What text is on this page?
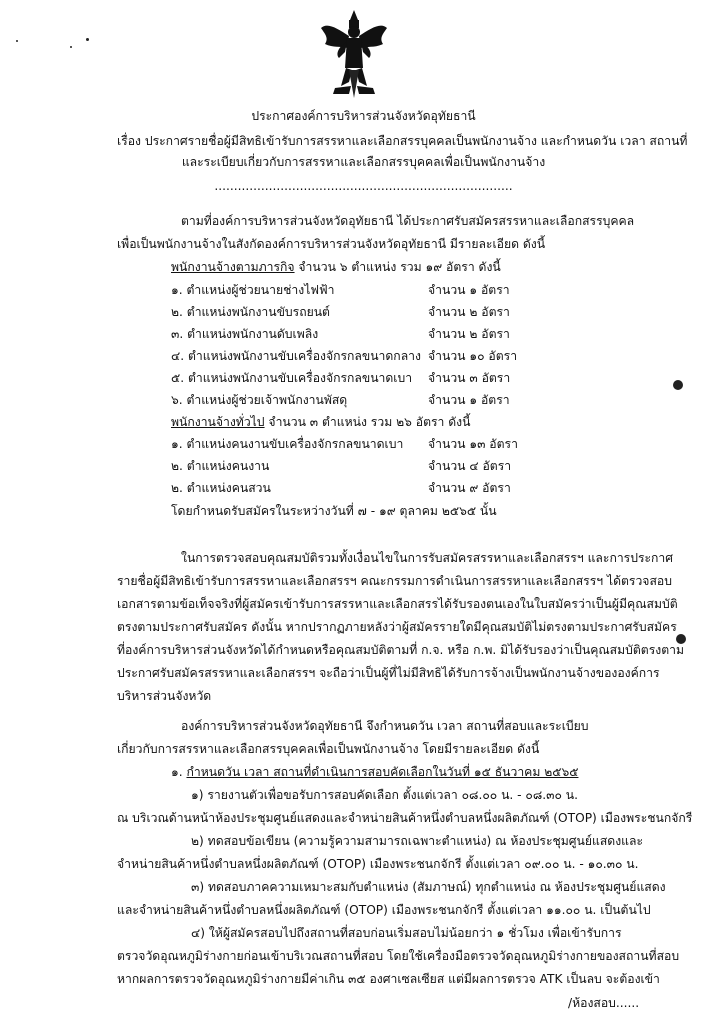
ประกาศองค์การบริหารส่วนจังหวัดอุทัยธานี
เรื่อง ประกาศรายชื่อผู้มีสิทธิเข้ารับการสรรหาและเลือกสรรบุคคลเป็นพนักงานจ้าง และกำหนดวัน เวลา สถานที่
และระเบียบเกี่ยวกับการสรรหาและเลือกสรรบุคคลเพื่อเป็นพนักงานจ้าง
.............................................................................
ตามที่องค์การบริหารส่วนจังหวัดอุทัยธานี ได้ประกาศรับสมัครสรรหาและเลือกสรรบุคคล
เพื่อเป็นพนักงานจ้างในสังกัดองค์การบริหารส่วนจังหวัดอุทัยธานี มีรายละเอียด ดังนี้
พนักงานจ้างตามภารกิจ จำนวน ๖ ตำแหน่ง รวม ๑๙ อัตรา ดังนี้
๑. ตำแหน่งผู้ช่วยนายช่างไฟฟ้า	จำนวน ๑ อัตรา
๒. ตำแหน่งพนักงานขับรถยนต์	จำนวน ๒ อัตรา
๓. ตำแหน่งพนักงานดับเพลิง	จำนวน ๒ อัตรา
๔. ตำแหน่งพนักงานขับเครื่องจักรกลขนาดกลาง จำนวน ๑๐ อัตรา
๕. ตำแหน่งพนักงานขับเครื่องจักรกลขนาดเบา จำนวน ๓ อัตรา
๖. ตำแหน่งผู้ช่วยเจ้าพนักงานพัสดุ	จำนวน ๑ อัตรา
พนักงานจ้างทั่วไป จำนวน ๓ ตำแหน่ง รวม ๒๖ อัตรา ดังนี้
๑. ตำแหน่งคนงานขับเครื่องจักรกลขนาดเบา จำนวน ๑๓ อัตรา
๒. ตำแหน่งคนงาน	จำนวน ๔ อัตรา
๒. ตำแหน่งคนสวน	จำนวน ๙ อัตรา
โดยกำหนดรับสมัครในระหว่างวันที่ ๗ - ๑๙ ตุลาคม ๒๕๖๕ นั้น
ในการตรวจสอบคุณสมบัติรวมทั้งเงื่อนไขในการรับสมัครสรรหาและเลือกสรรฯ และการประกาศ
รายชื่อผู้มีสิทธิเข้ารับการสรรหาและเลือกสรรฯ คณะกรรมการดำเนินการสรรหาและเลือกสรรฯ ได้ตรวจสอบ
เอกสารตามข้อเท็จจริงที่ผู้สมัครเข้ารับการสรรหาและเลือกสรรได้รับรองตนเองในใบสมัครว่าเป็นผู้มีคุณสมบัติ
ตรงตามประกาศรับสมัคร ดังนั้น หากปรากฏภายหลังว่าผู้สมัครรายใดมีคุณสมบัติไม่ตรงตามประกาศรับสมัคร
ที่องค์การบริหารส่วนจังหวัดได้กำหนดหรือคุณสมบัติตามที่ ก.จ. หรือ ก.พ. มิได้รับรองว่าเป็นคุณสมบัติตรงตาม
ประกาศรับสมัครสรรหาและเลือกสรรฯ จะถือว่าเป็นผู้ที่ไม่มีสิทธิได้รับการจ้างเป็นพนักงานจ้างขององค์การ
บริหารส่วนจังหวัด
องค์การบริหารส่วนจังหวัดอุทัยธานี จึงกำหนดวัน เวลา สถานที่สอบและระเบียบ
เกี่ยวกับการสรรหาและเลือกสรรบุคคลเพื่อเป็นพนักงานจ้าง โดยมีรายละเอียด ดังนี้
๑. กำหนดวัน เวลา สถานที่ดำเนินการสอบคัดเลือกในวันที่ ๑๕ ธันวาคม ๒๕๖๕
๑) รายงานตัวเพื่อขอรับการสอบคัดเลือก ตั้งแต่เวลา ๐๘.๐๐ น. - ๐๘.๓๐ น.
ณ บริเวณด้านหน้าห้องประชุมศูนย์แสดงและจำหน่ายสินค้าหนึ่งตำบลหนึ่งผลิตภัณฑ์ (OTOP) เมืองพระชนกจักรี
๒) ทดสอบข้อเขียน (ความรู้ความสามารถเฉพาะตำแหน่ง) ณ ห้องประชุมศูนย์แสดงและ
จำหน่ายสินค้าหนึ่งตำบลหนึ่งผลิตภัณฑ์ (OTOP) เมืองพระชนกจักรี ตั้งแต่เวลา ๐๙.๐๐ น. - ๑๐.๓๐ น.
๓) ทดสอบภาคความเหมาะสมกับตำแหน่ง (สัมภาษณ์) ทุกตำแหน่ง ณ ห้องประชุมศูนย์แสดง
และจำหน่ายสินค้าหนึ่งตำบลหนึ่งผลิตภัณฑ์ (OTOP) เมืองพระชนกจักรี ตั้งแต่เวลา ๑๑.๐๐ น. เป็นต้นไป
๔) ให้ผู้สมัครสอบไปถึงสถานที่สอบก่อนเริ่มสอบไม่น้อยกว่า ๑ ชั่วโมง เพื่อเข้ารับการ
ตรวจวัดอุณหภูมิร่างกายก่อนเข้าบริเวณสถานที่สอบ โดยใช้เครื่องมือตรวจวัดอุณหภูมิร่างกายของสถานที่สอบ
หากผลการตรวจวัดอุณหภูมิร่างกายมีค่าเกิน ๓๕ องศาเซลเซียส แต่มีผลการตรวจ ATK เป็นลบ จะต้องเข้า
/ห้องสอบ......
